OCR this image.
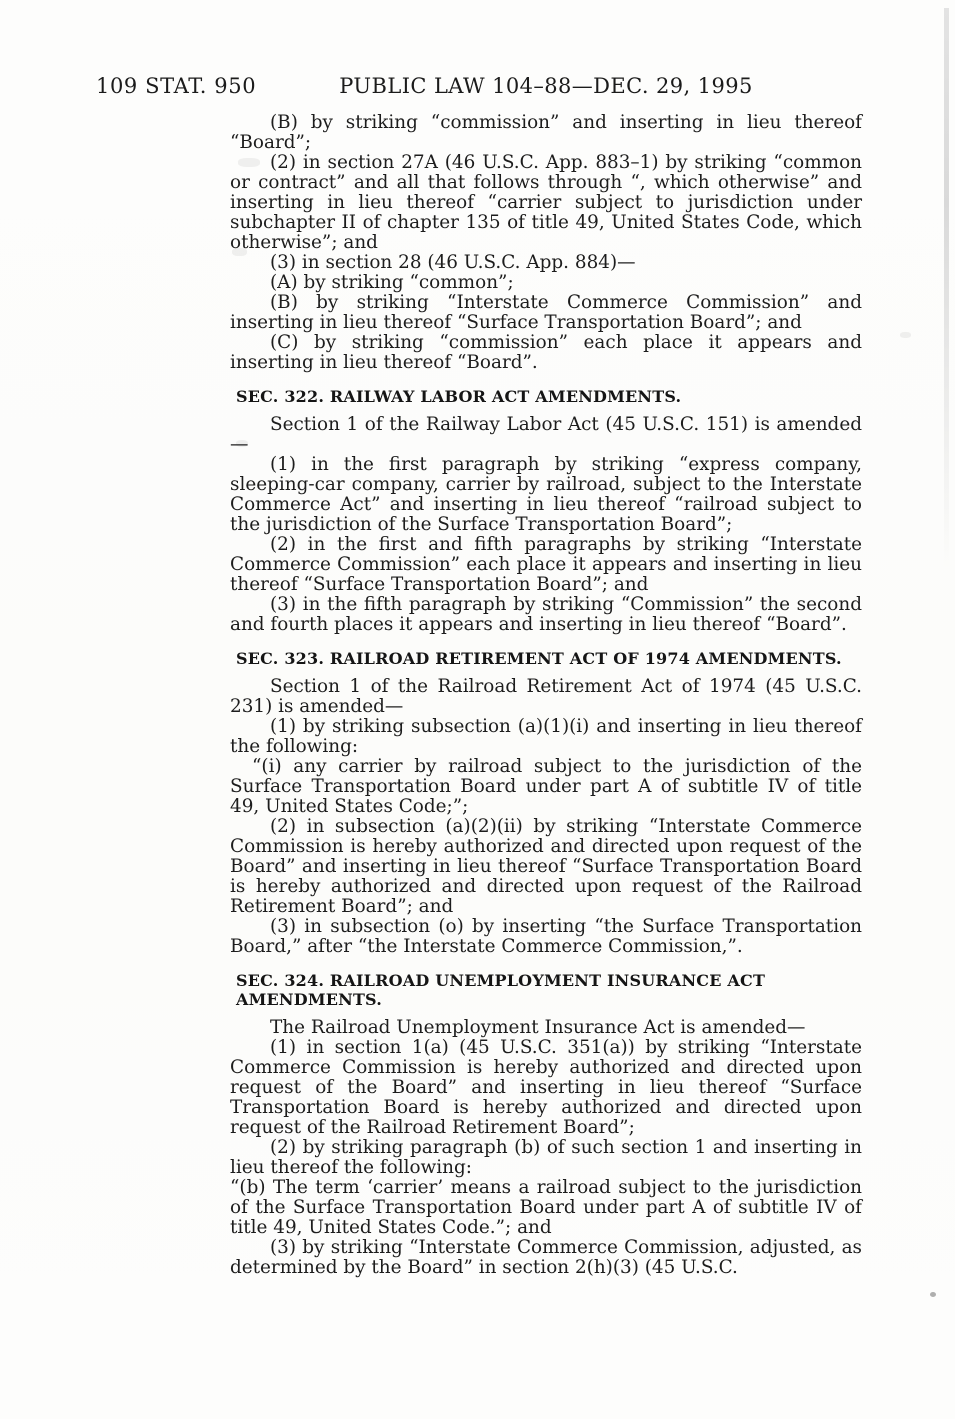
109 STAT. 950	PUBLIC LAW 104–88—DEC. 29, 1995

(B) by striking “commission” and inserting in lieu thereof “Board”;

(2) in section 27A (46 U.S.C. App. 883–1) by striking “common or contract” and all that follows through “, which otherwise” and inserting in lieu thereof “carrier subject to jurisdiction under subchapter II of chapter 135 of title 49, United States Code, which otherwise”; and

(3) in section 28 (46 U.S.C. App. 884)—

(A) by striking “common”;

(B) by striking “Interstate Commerce Commission” and inserting in lieu thereof “Surface Transportation Board”; and

(C) by striking “commission” each place it appears and inserting in lieu thereof “Board”.

SEC. 322. RAILWAY LABOR ACT AMENDMENTS.

Section 1 of the Railway Labor Act (45 U.S.C. 151) is amended—

(1) in the first paragraph by striking “express company, sleeping-car company, carrier by railroad, subject to the Interstate Commerce Act” and inserting in lieu thereof “railroad subject to the jurisdiction of the Surface Transportation Board”;

(2) in the first and fifth paragraphs by striking “Interstate Commerce Commission” each place it appears and inserting in lieu thereof “Surface Transportation Board”; and

(3) in the fifth paragraph by striking “Commission” the second and fourth places it appears and inserting in lieu thereof “Board”.

SEC. 323. RAILROAD RETIREMENT ACT OF 1974 AMENDMENTS.

Section 1 of the Railroad Retirement Act of 1974 (45 U.S.C. 231) is amended—

(1) by striking subsection (a)(1)(i) and inserting in lieu thereof the following:

“(i) any carrier by railroad subject to the jurisdiction of the Surface Transportation Board under part A of subtitle IV of title 49, United States Code;”;

(2) in subsection (a)(2)(ii) by striking “Interstate Commerce Commission is hereby authorized and directed upon request of the Board” and inserting in lieu thereof “Surface Transportation Board is hereby authorized and directed upon request of the Railroad Retirement Board”; and

(3) in subsection (o) by inserting “the Surface Transportation Board,” after “the Interstate Commerce Commission,”.

SEC. 324. RAILROAD UNEMPLOYMENT INSURANCE ACT AMENDMENTS.

The Railroad Unemployment Insurance Act is amended—

(1) in section 1(a) (45 U.S.C. 351(a)) by striking “Interstate Commerce Commission is hereby authorized and directed upon request of the Board” and inserting in lieu thereof “Surface Transportation Board is hereby authorized and directed upon request of the Railroad Retirement Board”;

(2) by striking paragraph (b) of such section 1 and inserting in lieu thereof the following:

“(b) The term ‘carrier’ means a railroad subject to the jurisdiction of the Surface Transportation Board under part A of subtitle IV of title 49, United States Code.”; and

(3) by striking “Interstate Commerce Commission, adjusted, as determined by the Board” in section 2(h)(3) (45 U.S.C.
